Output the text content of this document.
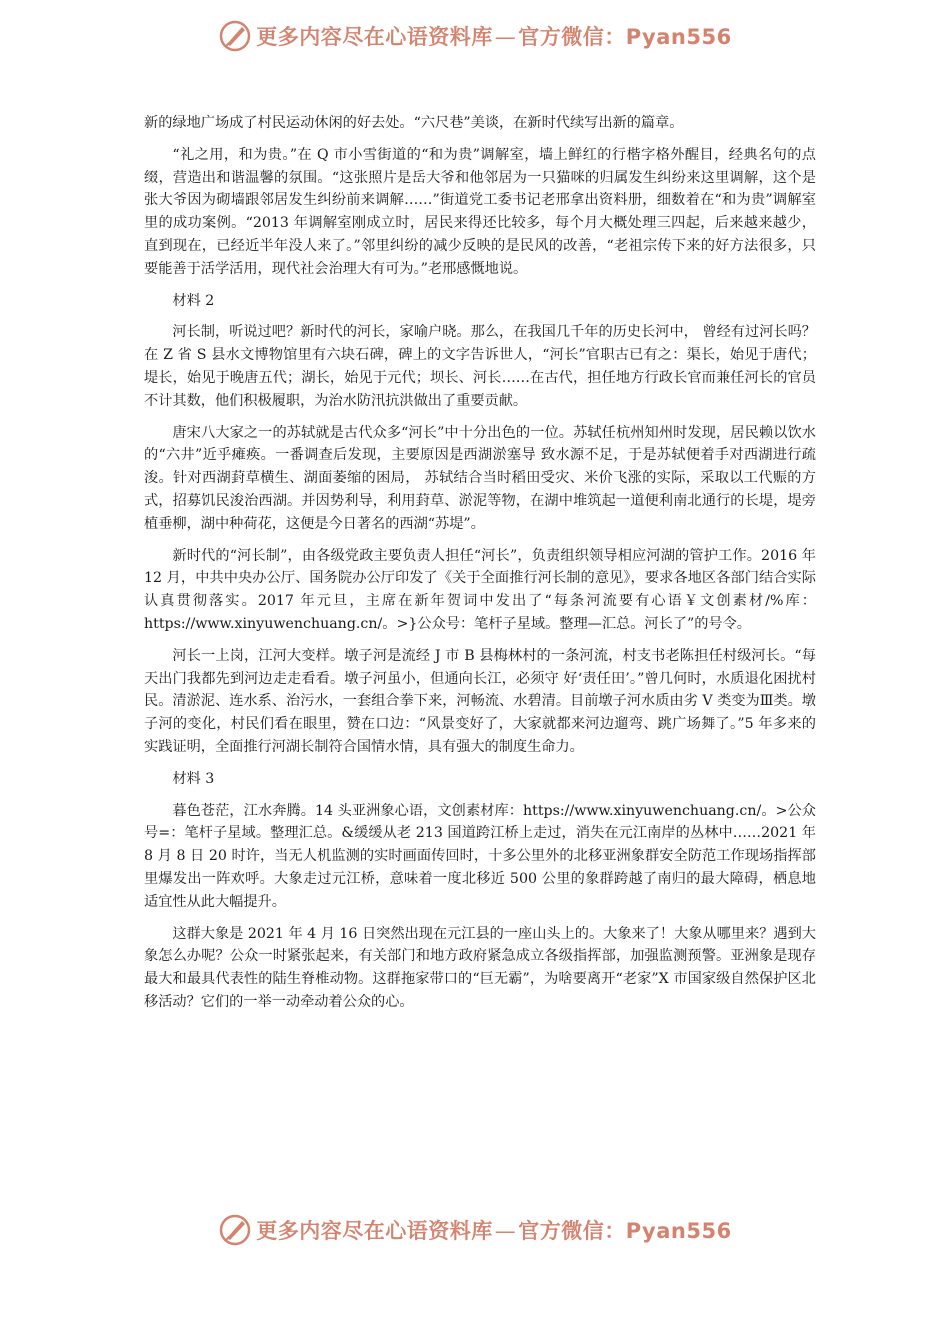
更多内容尽在心语资料库—官方微信：Pyan556

新的绿地广场成了村民运动休闲的好去处。“六尺巷”美谈，在新时代续写出新的篇章。

“礼之用，和为贵。”在 Q 市小雪街道的“和为贵”调解室，墙上鲜红的行楷字格外醒目，经典名句的点缀，营造出和谐温馨的氛围。“这张照片是岳大爷和他邻居为一只猫咪的归属发生纠纷来这里调解，这个是张大爷因为砌墙跟邻居发生纠纷前来调解……”街道党工委书记老邢拿出资料册，细数着在“和为贵”调解室里的成功案例。“2013 年调解室刚成立时，居民来得还比较多，每个月大概处理三四起，后来越来越少， 直到现在，已经近半年没人来了。”邻里纠纷的减少反映的是民风的改善，“老祖宗传下来的好方法很多，只要能善于活学活用，现代社会治理大有可为。”老邢感慨地说。

材料 2

河长制，听说过吧？新时代的河长，家喻户晓。那么，在我国几千年的历史长河中， 曾经有过河长吗？在 Z 省 S 县水文博物馆里有六块石碑，碑上的文字告诉世人，“河长”官职古已有之：渠长，始见于唐代；堤长，始见于晚唐五代；湖长，始见于元代；坝长、河长……在古代，担任地方行政长官而兼任河长的官员不计其数，他们积极履职，为治水防汛抗洪做出了重要贡献。

唐宋八大家之一的苏轼就是古代众多“河长”中十分出色的一位。苏轼任杭州知州时发现，居民赖以饮水的“六井”近乎瘫痪。一番调查后发现，主要原因是西湖淤塞导 致水源不足，于是苏轼便着手对西湖进行疏浚。针对西湖葑草横生、湖面萎缩的困局， 苏轼结合当时稻田受灾、米价飞涨的实际，采取以工代赈的方式，招募饥民浚治西湖。并因势利导，利用葑草、淤泥等物，在湖中堆筑起一道便利南北通行的长堤，堤旁植垂柳，湖中种荷花，这便是今日著名的西湖“苏堤”。

新时代的“河长制”，由各级党政主要负责人担任“河长”，负责组织领导相应河湖的管护工作。2016 年 12 月，中共中央办公厅、国务院办公厅印发了《关于全面推行河长制的意见》，要求各地区各部门结合实际认真贯彻落实。2017 年元旦，主席在新年贺词中发出了“每条河流要有心语￥文创素材/%库：https://www.xinyuwenchuang.cn/。>}公众号：笔杆子星域。整理—汇总。河长了”的号令。

河长一上岗，江河大变样。墩子河是流经 J 市 B 县梅林村的一条河流，村支书老陈担任村级河长。“每天出门我都先到河边走走看看。墩子河虽小，但通向长江，必须守 好‘责任田’。”曾几何时，水质退化困扰村民。清淤泥、连水系、治污水，一套组合拳下来，河畅流、水碧清。目前墩子河水质由劣 V 类变为Ⅲ类。墩子河的变化，村民们看在眼里，赞在口边：“风景变好了，大家就都来河边遛弯、跳广场舞了。”5 年多来的实践证明，全面推行河湖长制符合国情水情，具有强大的制度生命力。

材料 3

暮色苍茫，江水奔腾。14 头亚洲象心语，文创素材库：https://www.xinyuwenchuang.cn/。>公众号=：笔杆子星域。整理汇总。&缓缓从老 213 国道跨江桥上走过，消失在元江南岸的丛林中……2021 年 8 月 8 日 20 时许，当无人机监测的实时画面传回时，十多公里外的北移亚洲象群安全防范工作现场指挥部里爆发出一阵欢呼。大象走过元江桥，意味着一度北移近 500 公里的象群跨越了南归的最大障碍，栖息地适宜性从此大幅提升。

这群大象是 2021 年 4 月 16 日突然出现在元江县的一座山头上的。大象来了！大象从哪里来？遇到大象怎么办呢？公众一时紧张起来，有关部门和地方政府紧急成立各级指挥部，加强监测预警。亚洲象是现存最大和最具代表性的陆生脊椎动物。这群拖家带口的“巨无霸”，为啥要离开“老家”X 市国家级自然保护区北移活动？它们的一举一动牵动着公众的心。

更多内容尽在心语资料库—官方微信：Pyan556
